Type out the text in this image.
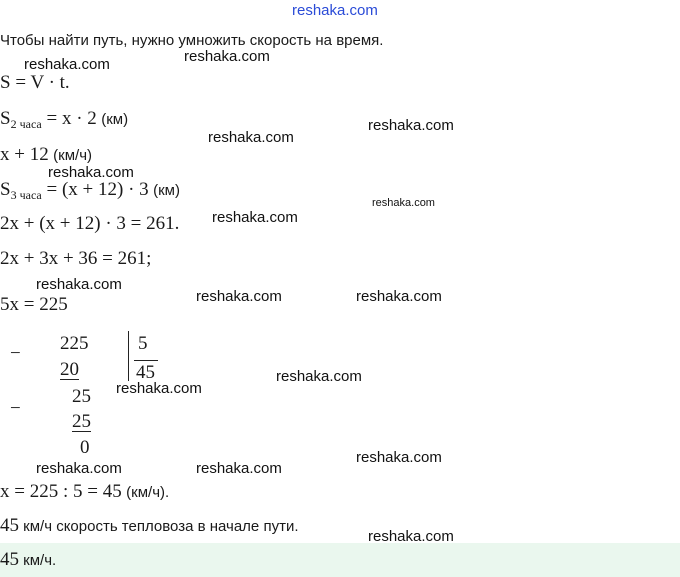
reshaka.com
Чтобы найти путь, нужно умножить скорость на время.
S = V · t.
$S_{2 часа} = x \cdot 2$ (км)
x + 12 (км/ч)
$S_{3 часа} = (x + 12) \cdot 3$ (км)
2x + (x + 12) · 3 = 261.
2x + 3x + 36 = 261;
5x = 225
− 225
20
5
45
−
25
25
0
x = 225 : 5 = 45 (км/ч).
45 км/ч скорость тепловоза в начале пути.
45 км/ч.
reshaka.com	reshaka.com
reshaka.com
reshaka.com
reshaka.com
reshaka.com
reshaka.com
reshaka.com
reshaka.com	reshaka.com
reshaka.com
reshaka.com
reshaka.com
reshaka.com	reshaka.com
reshaka.com
